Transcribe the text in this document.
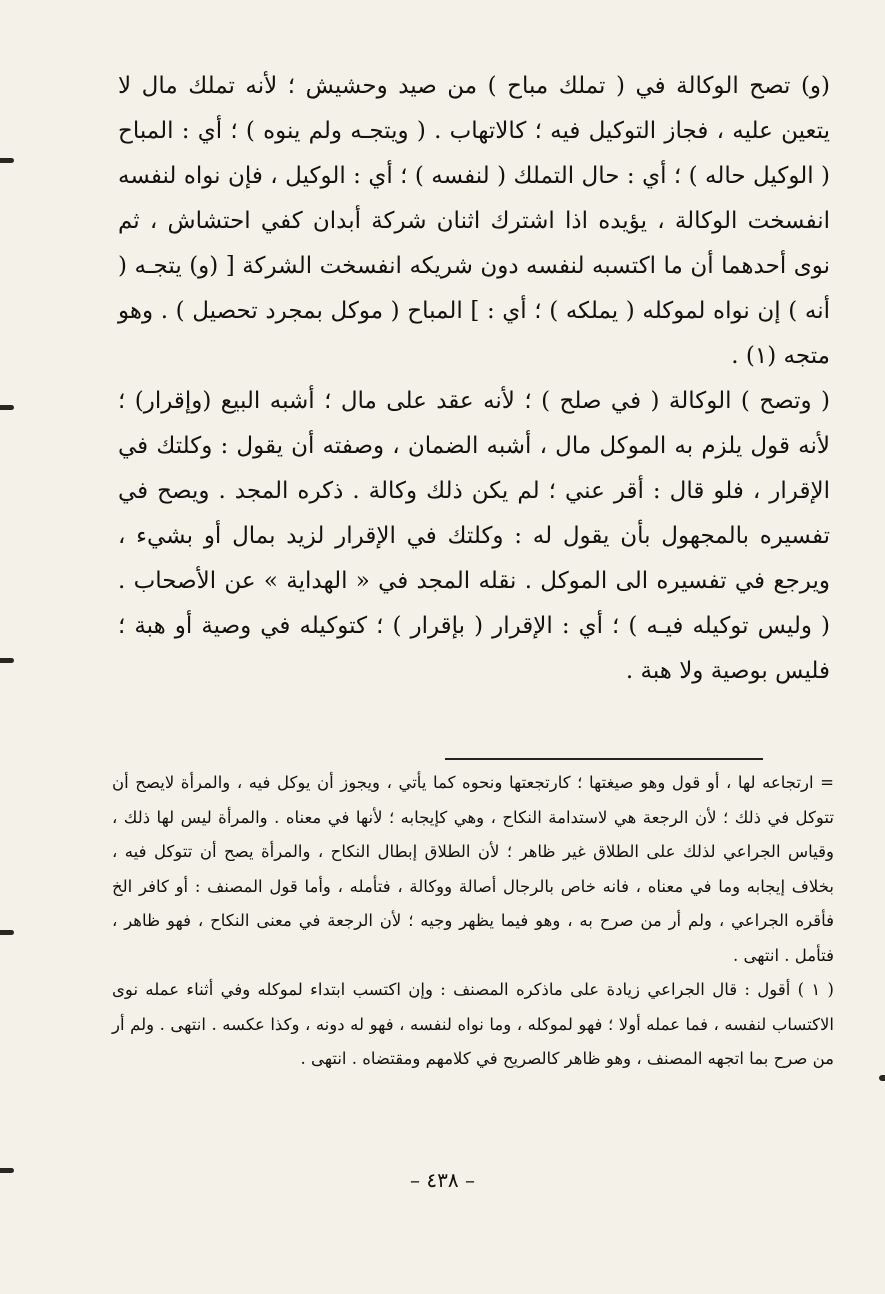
(و) تصح الوكالة في ( تملك مباح ) من صيد وحشيش ؛ لأنه تملك مال لا يتعين عليه ، فجاز التوكيل فيه ؛ كالاتهاب . ( ويتجـه ولم ينوه ) ؛ أي : المباح ( الوكيل حاله ) ؛ أي : حال التملك ( لنفسه ) ؛ أي : الوكيل ، فإن نواه لنفسه انفسخت الوكالة ، يؤيده اذا اشترك اثنان شركة أبدان كفي احتشاش ، ثم نوى أحدهما أن ما اكتسبه لنفسه دون شريكه انفسخت الشركة [ (و) يتجـه ( أنه ) إن نواه لموكله ( يملكه ) ؛ أي : ] المباح ( موكل بمجرد تحصيل ) . وهو متجه (١) .

( وتصح ) الوكالة ( في صلح ) ؛ لأنه عقد على مال ؛ أشبه البيع (وإقرار) ؛ لأنه قول يلزم به الموكل مال ، أشبه الضمان ، وصفته أن يقول : وكلتك في الإقرار ، فلو قال : أقر عني ؛ لم يكن ذلك وكالة . ذكره المجد . ويصح في تفسيره بالمجهول بأن يقول له : وكلتك في الإقرار لزيد بمال أو بشيء ، ويرجع في تفسيره الى الموكل . نقله المجد في « الهداية » عن الأصحاب . ( وليس توكيله فيـه ) ؛ أي : الإقرار ( بإقرار ) ؛ كتوكيله في وصية أو هبة ؛ فليس بوصية ولا هبة .

= ارتجاعه لها ، أو قول وهو صيغتها ؛ كارتجعتها ونحوه كما يأتي ، ويجوز أن يوكل فيه ، والمرأة لايصح أن تتوكل في ذلك ؛ لأن الرجعة هي لاستدامة النكاح ، وهي كإيجابه ؛ لأنها في معناه . والمرأة ليس لها ذلك ، وقياس الجراعي لذلك على الطلاق غير ظاهر ؛ لأن الطلاق إبطال النكاح ، والمرأة يصح أن تتوكل فيه ، بخلاف إيجابه وما في معناه ، فانه خاص بالرجال أصالة ووكالة ، فتأمله ، وأما قول المصنف : أو كافر الخ فأقره الجراعي ، ولم أر من صرح به ، وهو فيما يظهر وجيه ؛ لأن الرجعة في معنى النكاح ، فهو ظاهر ، فتأمل . انتهى .

( ١ ) أقول : قال الجراعي زيادة على ماذكره المصنف : وإن اكتسب ابتداء لموكله وفي أثناء عمله نوى الاكتساب لنفسه ، فما عمله أولا ؛ فهو لموكله ، وما نواه لنفسه ، فهو له دونه ، وكذا عكسه . انتهى . ولم أر من صرح بما اتجهه المصنف ، وهو ظاهر كالصريح في كلامهم ومقتضاه . انتهى .

– ٤٣٨ –
